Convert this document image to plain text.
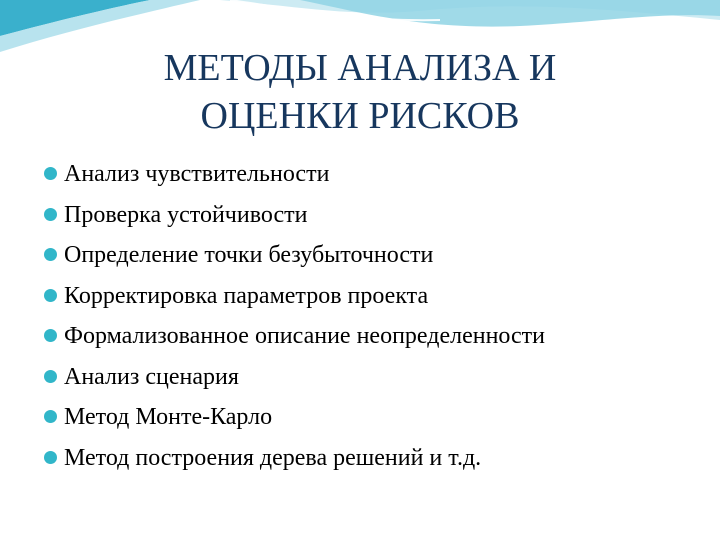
МЕТОДЫ АНАЛИЗА И
ОЦЕНКИ РИСКОВ
Анализ чувствительности
Проверка устойчивости
Определение точки безубыточности
Корректировка параметров проекта
Формализованное описание неопределенности
Анализ сценария
Метод Монте-Карло
Метод построения дерева решений и т.д.
